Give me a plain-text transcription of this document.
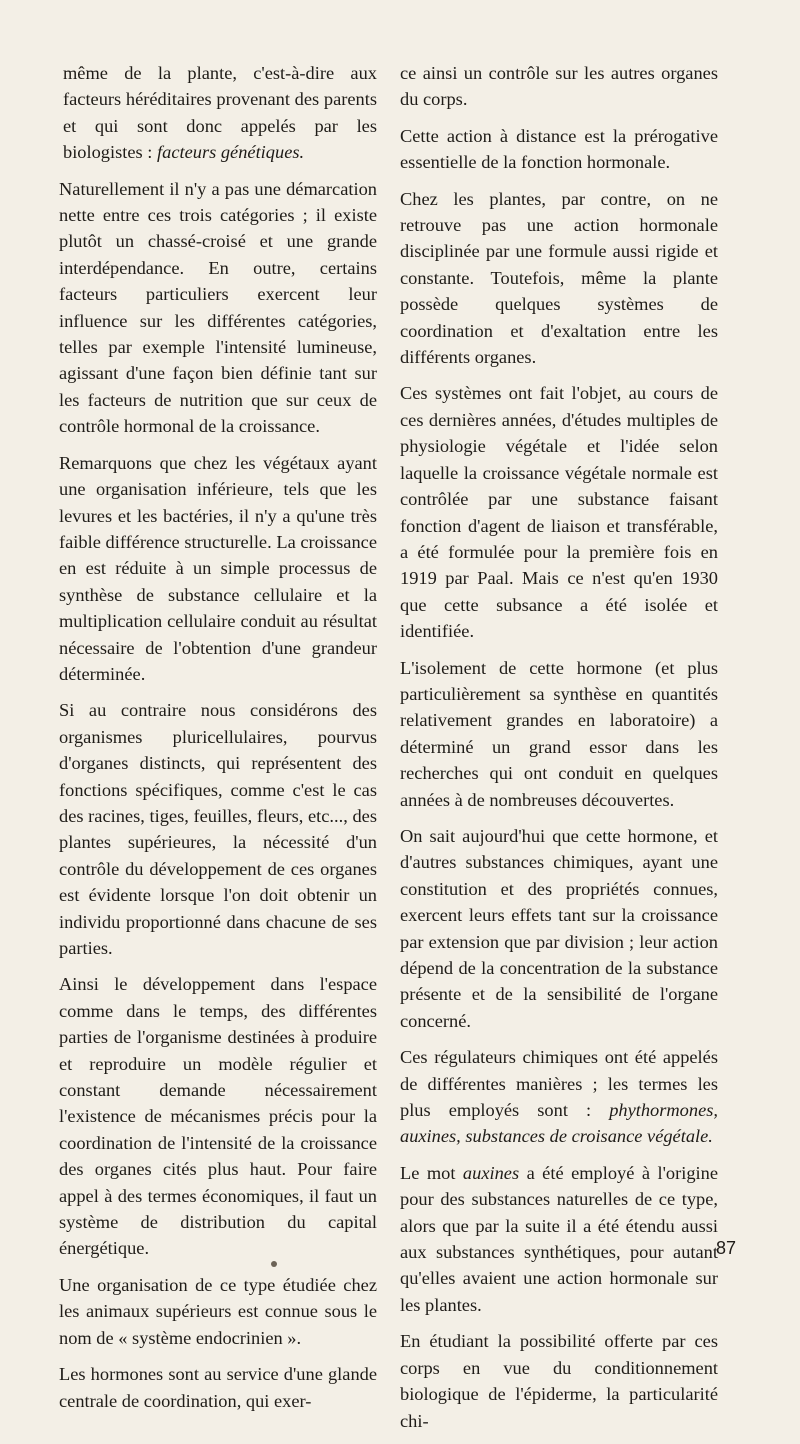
même de la plante, c'est-à-dire aux facteurs héréditaires provenant des parents et qui sont donc appelés par les biologistes : facteurs génétiques.

Naturellement il n'y a pas une démarcation nette entre ces trois catégories ; il existe plutôt un chassé-croisé et une grande interdépendance. En outre, certains facteurs particuliers exercent leur influence sur les différentes catégories, telles par exemple l'intensité lumineuse, agissant d'une façon bien définie tant sur les facteurs de nutrition que sur ceux de contrôle hormonal de la croissance.

Remarquons que chez les végétaux ayant une organisation inférieure, tels que les levures et les bactéries, il n'y a qu'une très faible différence structurelle. La croissance en est réduite à un simple processus de synthèse de substance cellulaire et la multiplication cellulaire conduit au résultat nécessaire de l'obtention d'une grandeur déterminée.

Si au contraire nous considérons des organismes pluricellulaires, pourvus d'organes distincts, qui représentent des fonctions spécifiques, comme c'est le cas des racines, tiges, feuilles, fleurs, etc..., des plantes supérieures, la nécessité d'un contrôle du développement de ces organes est évidente lorsque l'on doit obtenir un individu proportionné dans chacune de ses parties.

Ainsi le développement dans l'espace comme dans le temps, des différentes parties de l'organisme destinées à produire et reproduire un modèle régulier et constant demande nécessairement l'existence de mécanismes précis pour la coordination de l'intensité de la croissance des organes cités plus haut. Pour faire appel à des termes économiques, il faut un système de distribution du capital énergétique.

Une organisation de ce type étudiée chez les animaux supérieurs est connue sous le nom de « système endocrinien ».

Les hormones sont au service d'une glande centrale de coordination, qui exer-

ce ainsi un contrôle sur les autres organes du corps.

Cette action à distance est la prérogative essentielle de la fonction hormonale.

Chez les plantes, par contre, on ne retrouve pas une action hormonale disciplinée par une formule aussi rigide et constante. Toutefois, même la plante possède quelques systèmes de coordination et d'exaltation entre les différents organes.

Ces systèmes ont fait l'objet, au cours de ces dernières années, d'études multiples de physiologie végétale et l'idée selon laquelle la croissance végétale normale est contrôlée par une substance faisant fonction d'agent de liaison et transférable, a été formulée pour la première fois en 1919 par Paal. Mais ce n'est qu'en 1930 que cette subsance a été isolée et identifiée.

L'isolement de cette hormone (et plus particulièrement sa synthèse en quantités relativement grandes en laboratoire) a déterminé un grand essor dans les recherches qui ont conduit en quelques années à de nombreuses découvertes.

On sait aujourd'hui que cette hormone, et d'autres substances chimiques, ayant une constitution et des propriétés connues, exercent leurs effets tant sur la croissance par extension que par division ; leur action dépend de la concentration de la substance présente et de la sensibilité de l'organe concerné.

Ces régulateurs chimiques ont été appelés de différentes manières ; les termes les plus employés sont : phythormones, auxines, substances de croisance végétale.

Le mot auxines a été employé à l'origine pour des substances naturelles de ce type, alors que par la suite il a été étendu aussi aux substances synthétiques, pour autant qu'elles avaient une action hormonale sur les plantes.

En étudiant la possibilité offerte par ces corps en vue du conditionnement biologique de l'épiderme, la particularité chi-

87
